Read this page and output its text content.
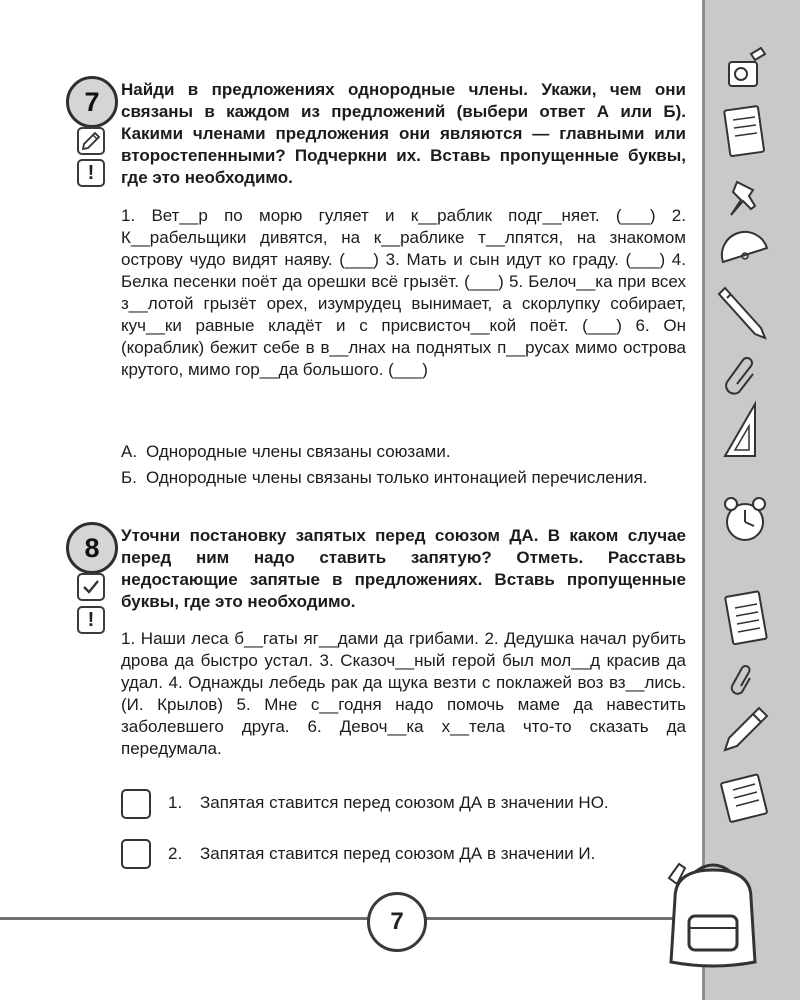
7
7
!
Найди в предложениях однородные члены. Укажи, чем они связаны в каждом из предложений (выбери ответ А или Б). Какими членами предложения они являются — главными или второстепенными? Подчеркни их. Вставь пропущенные буквы, где это необходимо.
1. Вет__р по морю гуляет и к__раблик подг__няет. (___) 2. К__рабельщики дивятся, на к__раблике т__лпятся, на знакомом острову чудо видят наяву. (___) 3. Мать и сын идут ко граду. (___) 4. Белка песенки поёт да орешки всё грызёт. (___) 5. Белоч__ка при всех з__лотой грызёт орех, изумрудец вынимает, а скорлупку собирает, куч__ки равные кладёт и с присвисточ__кой поёт. (___) 6. Он (кораблик) бежит себе в в__лнах на поднятых п__русах мимо острова крутого, мимо гор__да большого. (___)
А. Однородные члены связаны союзами.
Б. Однородные члены связаны только интонацией перечисления.
8
!
Уточни постановку запятых перед союзом ДА. В каком случае перед ним надо ставить запятую? Отметь. Расставь недостающие запятые в предложениях. Вставь пропущенные буквы, где это необходимо.
1. Наши леса б__гаты яг__дами да грибами. 2. Дедушка начал рубить дрова да быстро устал. 3. Сказоч__ный герой был мол__д красив да удал. 4. Однажды лебедь рак да щука везти с поклажей воз вз__лись. (И. Крылов) 5. Мне с__годня надо помочь маме да навестить заболевшего друга. 6. Девоч__ка х__тела что-то сказать да передумала.
1. Запятая ставится перед союзом ДА в значении НО.
2. Запятая ставится перед союзом ДА в значении И.
